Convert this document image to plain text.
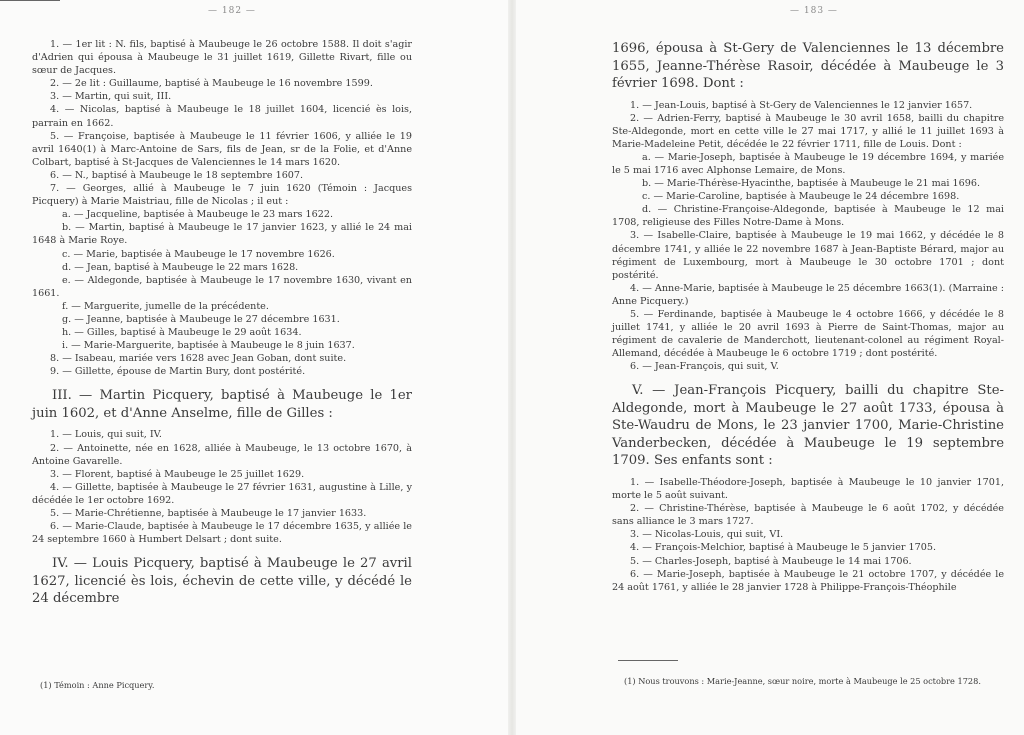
— 182 —

1. — 1er lit : N. fils, baptisé à Maubeuge le 26 octobre 1588. Il doit s'agir d'Adrien qui épousa à Maubeuge le 31 juillet 1619, Gillette Rivart, fille ou sœur de Jacques.

2. — 2e lit : Guillaume, baptisé à Maubeuge le 16 novembre 1599.

3. — Martin, qui suit, III.

4. — Nicolas, baptisé à Maubeuge le 18 juillet 1604, licencié ès lois, parrain en 1662.

5. — Françoise, baptisée à Maubeuge le 11 février 1606, y alliée le 19 avril 1640(1) à Marc-Antoine de Sars, fils de Jean, sr de la Folie, et d'Anne Colbart, baptisé à St-Jacques de Valenciennes le 14 mars 1620.

6. — N., baptisé à Maubeuge le 18 septembre 1607.

7. — Georges, allié à Maubeuge le 7 juin 1620 (Témoin : Jacques Picquery) à Marie Maistriau, fille de Nicolas ; il eut :

a. — Jacqueline, baptisée à Maubeuge le 23 mars 1622.

b. — Martin, baptisé à Maubeuge le 17 janvier 1623, y allié le 24 mai 1648 à Marie Roye.

c. — Marie, baptisée à Maubeuge le 17 novembre 1626.

d. — Jean, baptisé à Maubeuge le 22 mars 1628.

e. — Aldegonde, baptisée à Maubeuge le 17 novembre 1630, vivant en 1661.

f. — Marguerite, jumelle de la précédente.

g. — Jeanne, baptisée à Maubeuge le 27 décembre 1631.

h. — Gilles, baptisé à Maubeuge le 29 août 1634.

i. — Marie-Marguerite, baptisée à Maubeuge le 8 juin 1637.

8. — Isabeau, mariée vers 1628 avec Jean Goban, dont suite.

9. — Gillette, épouse de Martin Bury, dont postérité.

III. — Martin Picquery, baptisé à Maubeuge le 1er juin 1602, et d'Anne Anselme, fille de Gilles :

1. — Louis, qui suit, IV.

2. — Antoinette, née en 1628, alliée à Maubeuge, le 13 octobre 1670, à Antoine Gavarelle.

3. — Florent, baptisé à Maubeuge le 25 juillet 1629.

4. — Gillette, baptisée à Maubeuge le 27 février 1631, augustine à Lille, y décédée le 1er octobre 1692.

5. — Marie-Chrétienne, baptisée à Maubeuge le 17 janvier 1633.

6. — Marie-Claude, baptisée à Maubeuge le 17 décembre 1635, y alliée le 24 septembre 1660 à Humbert Delsart ; dont suite.

IV. — Louis Picquery, baptisé à Maubeuge le 27 avril 1627, licencié ès lois, échevin de cette ville, y décédé le 24 décembre

— 183 —

1696, épousa à St-Gery de Valenciennes le 13 décembre 1655, Jeanne-Thérèse Rasoir, décédée à Maubeuge le 3 février 1698. Dont :

1. — Jean-Louis, baptisé à St-Gery de Valenciennes le 12 janvier 1657.

2. — Adrien-Ferry, baptisé à Maubeuge le 30 avril 1658, bailli du chapitre Ste-Aldegonde, mort en cette ville le 27 mai 1717, y allié le 11 juillet 1693 à Marie-Madeleine Petit, décédée le 22 février 1711, fille de Louis. Dont :

a. — Marie-Joseph, baptisée à Maubeuge le 19 décembre 1694, y mariée le 5 mai 1716 avec Alphonse Lemaire, de Mons.

b. — Marie-Thérèse-Hyacinthe, baptisée à Maubeuge le 21 mai 1696.

c. — Marie-Caroline, baptisée à Maubeuge le 24 décembre 1698.

d. — Christine-Françoise-Aldegonde, baptisée à Maubeuge le 12 mai 1708, religieuse des Filles Notre-Dame à Mons.

3. — Isabelle-Claire, baptisée à Maubeuge le 19 mai 1662, y décédée le 8 décembre 1741, y alliée le 22 novembre 1687 à Jean-Baptiste Bérard, major au régiment de Luxembourg, mort à Maubeuge le 30 octobre 1701 ; dont postérité.

4. — Anne-Marie, baptisée à Maubeuge le 25 décembre 1663(1). (Marraine : Anne Picquery.)

5. — Ferdinande, baptisée à Maubeuge le 4 octobre 1666, y décédée le 8 juillet 1741, y alliée le 20 avril 1693 à Pierre de Saint-Thomas, major au régiment de cavalerie de Manderchott, lieutenant-colonel au régiment Royal-Allemand, décédée à Maubeuge le 6 octobre 1719 ; dont postérité.

6. — Jean-François, qui suit, V.

V. — Jean-François Picquery, bailli du chapitre Ste-Aldegonde, mort à Maubeuge le 27 août 1733, épousa à Ste-Waudru de Mons, le 23 janvier 1700, Marie-Christine Vanderbecken, décédée à Maubeuge le 19 septembre 1709. Ses enfants sont :

1. — Isabelle-Théodore-Joseph, baptisée à Maubeuge le 10 janvier 1701, morte le 5 août suivant.

2. — Christine-Thérèse, baptisée à Maubeuge le 6 août 1702, y décédée sans alliance le 3 mars 1727.

3. — Nicolas-Louis, qui suit, VI.

4. — François-Melchior, baptisé à Maubeuge le 5 janvier 1705.

5. — Charles-Joseph, baptisé à Maubeuge le 14 mai 1706.

6. — Marie-Joseph, baptisée à Maubeuge le 21 octobre 1707, y décédée le 24 août 1761, y alliée le 28 janvier 1728 à Philippe-François-Théophile

(1) Nous trouvons : Marie-Jeanne, sœur noire, morte à Maubeuge le 25 octobre 1728.
(1) Témoin : Anne Picquery.
